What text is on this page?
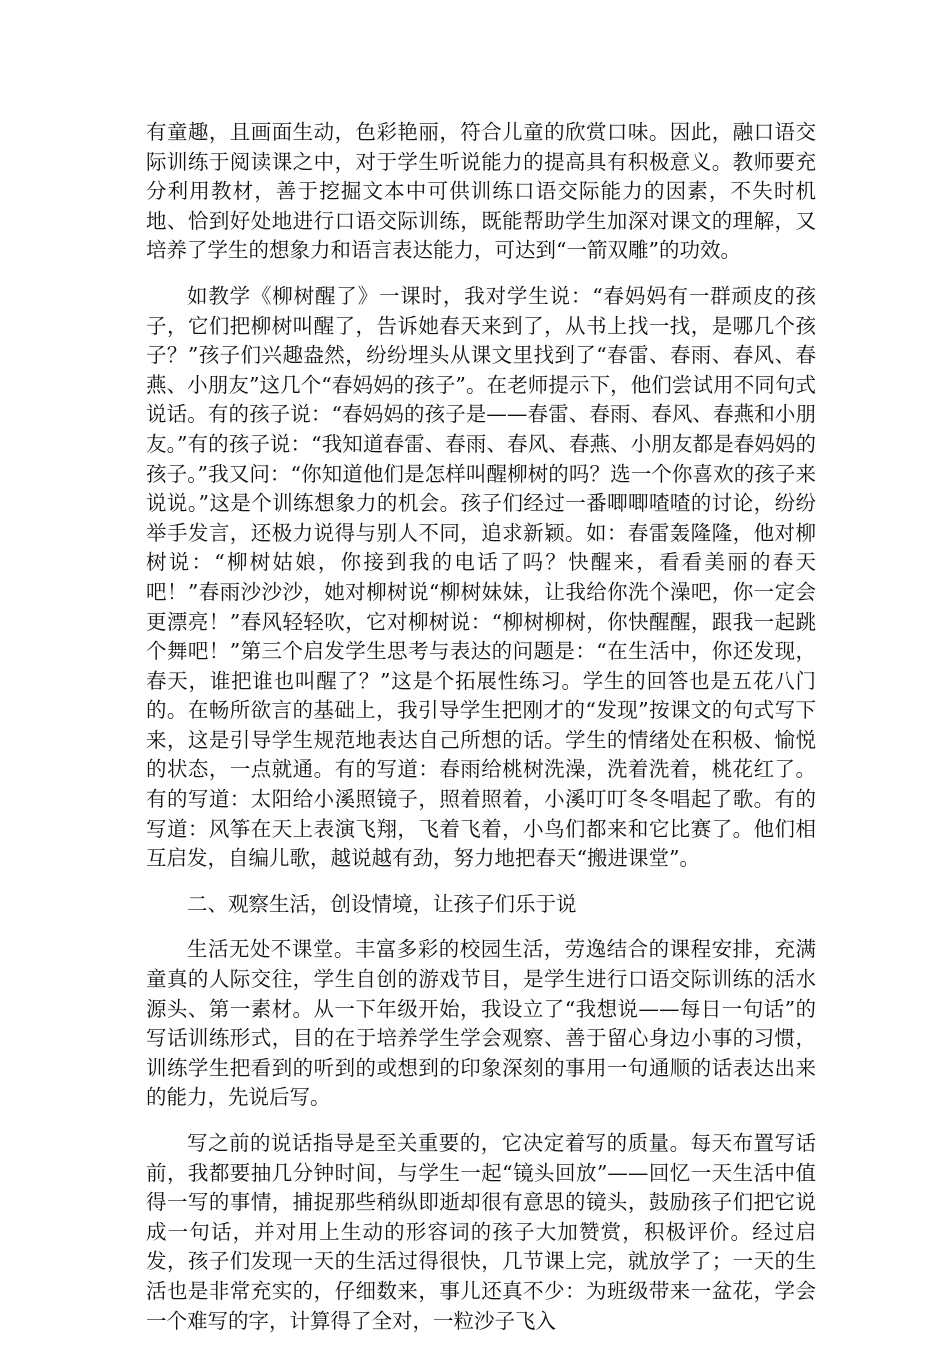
有童趣，且画面生动，色彩艳丽，符合儿童的欣赏口味。因此，融口语交际训练于阅读课之中，对于学生听说能力的提高具有积极意义。教师要充分利用教材，善于挖掘文本中可供训练口语交际能力的因素，不失时机地、恰到好处地进行口语交际训练，既能帮助学生加深对课文的理解，又培养了学生的想象力和语言表达能力，可达到“一箭双雕”的功效。

如教学《柳树醒了》一课时，我对学生说：“春妈妈有一群顽皮的孩子，它们把柳树叫醒了，告诉她春天来到了，从书上找一找，是哪几个孩子？”孩子们兴趣盎然，纷纷埋头从课文里找到了“春雷、春雨、春风、春燕、小朋友”这几个“春妈妈的孩子”。在老师提示下，他们尝试用不同句式说话。有的孩子说：“春妈妈的孩子是——春雷、春雨、春风、春燕和小朋友。”有的孩子说：“我知道春雷、春雨、春风、春燕、小朋友都是春妈妈的孩子。”我又问：“你知道他们是怎样叫醒柳树的吗？选一个你喜欢的孩子来说说。”这是个训练想象力的机会。孩子们经过一番唧唧喳喳的讨论，纷纷举手发言，还极力说得与别人不同，追求新颖。如：春雷轰隆隆，他对柳树说：“柳树姑娘，你接到我的电话了吗？快醒来，看看美丽的春天吧！”春雨沙沙沙，她对柳树说“柳树妹妹，让我给你洗个澡吧，你一定会更漂亮！”春风轻轻吹，它对柳树说：“柳树柳树，你快醒醒，跟我一起跳个舞吧！”第三个启发学生思考与表达的问题是：“在生活中，你还发现，春天，谁把谁也叫醒了？”这是个拓展性练习。学生的回答也是五花八门的。在畅所欲言的基础上，我引导学生把刚才的“发现”按课文的句式写下来，这是引导学生规范地表达自己所想的话。学生的情绪处在积极、愉悦的状态，一点就通。有的写道：春雨给桃树洗澡，洗着洗着，桃花红了。有的写道：太阳给小溪照镜子，照着照着，小溪叮叮冬冬唱起了歌。有的写道：风筝在天上表演飞翔，飞着飞着，小鸟们都来和它比赛了。他们相互启发，自编儿歌，越说越有劲，努力地把春天“搬进课堂”。

二、观察生活，创设情境，让孩子们乐于说

生活无处不课堂。丰富多彩的校园生活，劳逸结合的课程安排，充满童真的人际交往，学生自创的游戏节目，是学生进行口语交际训练的活水源头、第一素材。从一下年级开始，我设立了“我想说——每日一句话”的写话训练形式，目的在于培养学生学会观察、善于留心身边小事的习惯，训练学生把看到的听到的或想到的印象深刻的事用一句通顺的话表达出来的能力，先说后写。

写之前的说话指导是至关重要的，它决定着写的质量。每天布置写话前，我都要抽几分钟时间，与学生一起“镜头回放”——回忆一天生活中值得一写的事情，捕捉那些稍纵即逝却很有意思的镜头，鼓励孩子们把它说成一句话，并对用上生动的形容词的孩子大加赞赏，积极评价。经过启发，孩子们发现一天的生活过得很快，几节课上完，就放学了；一天的生活也是非常充实的，仔细数来，事儿还真不少：为班级带来一盆花，学会一个难写的字，计算得了全对，一粒沙子飞入
